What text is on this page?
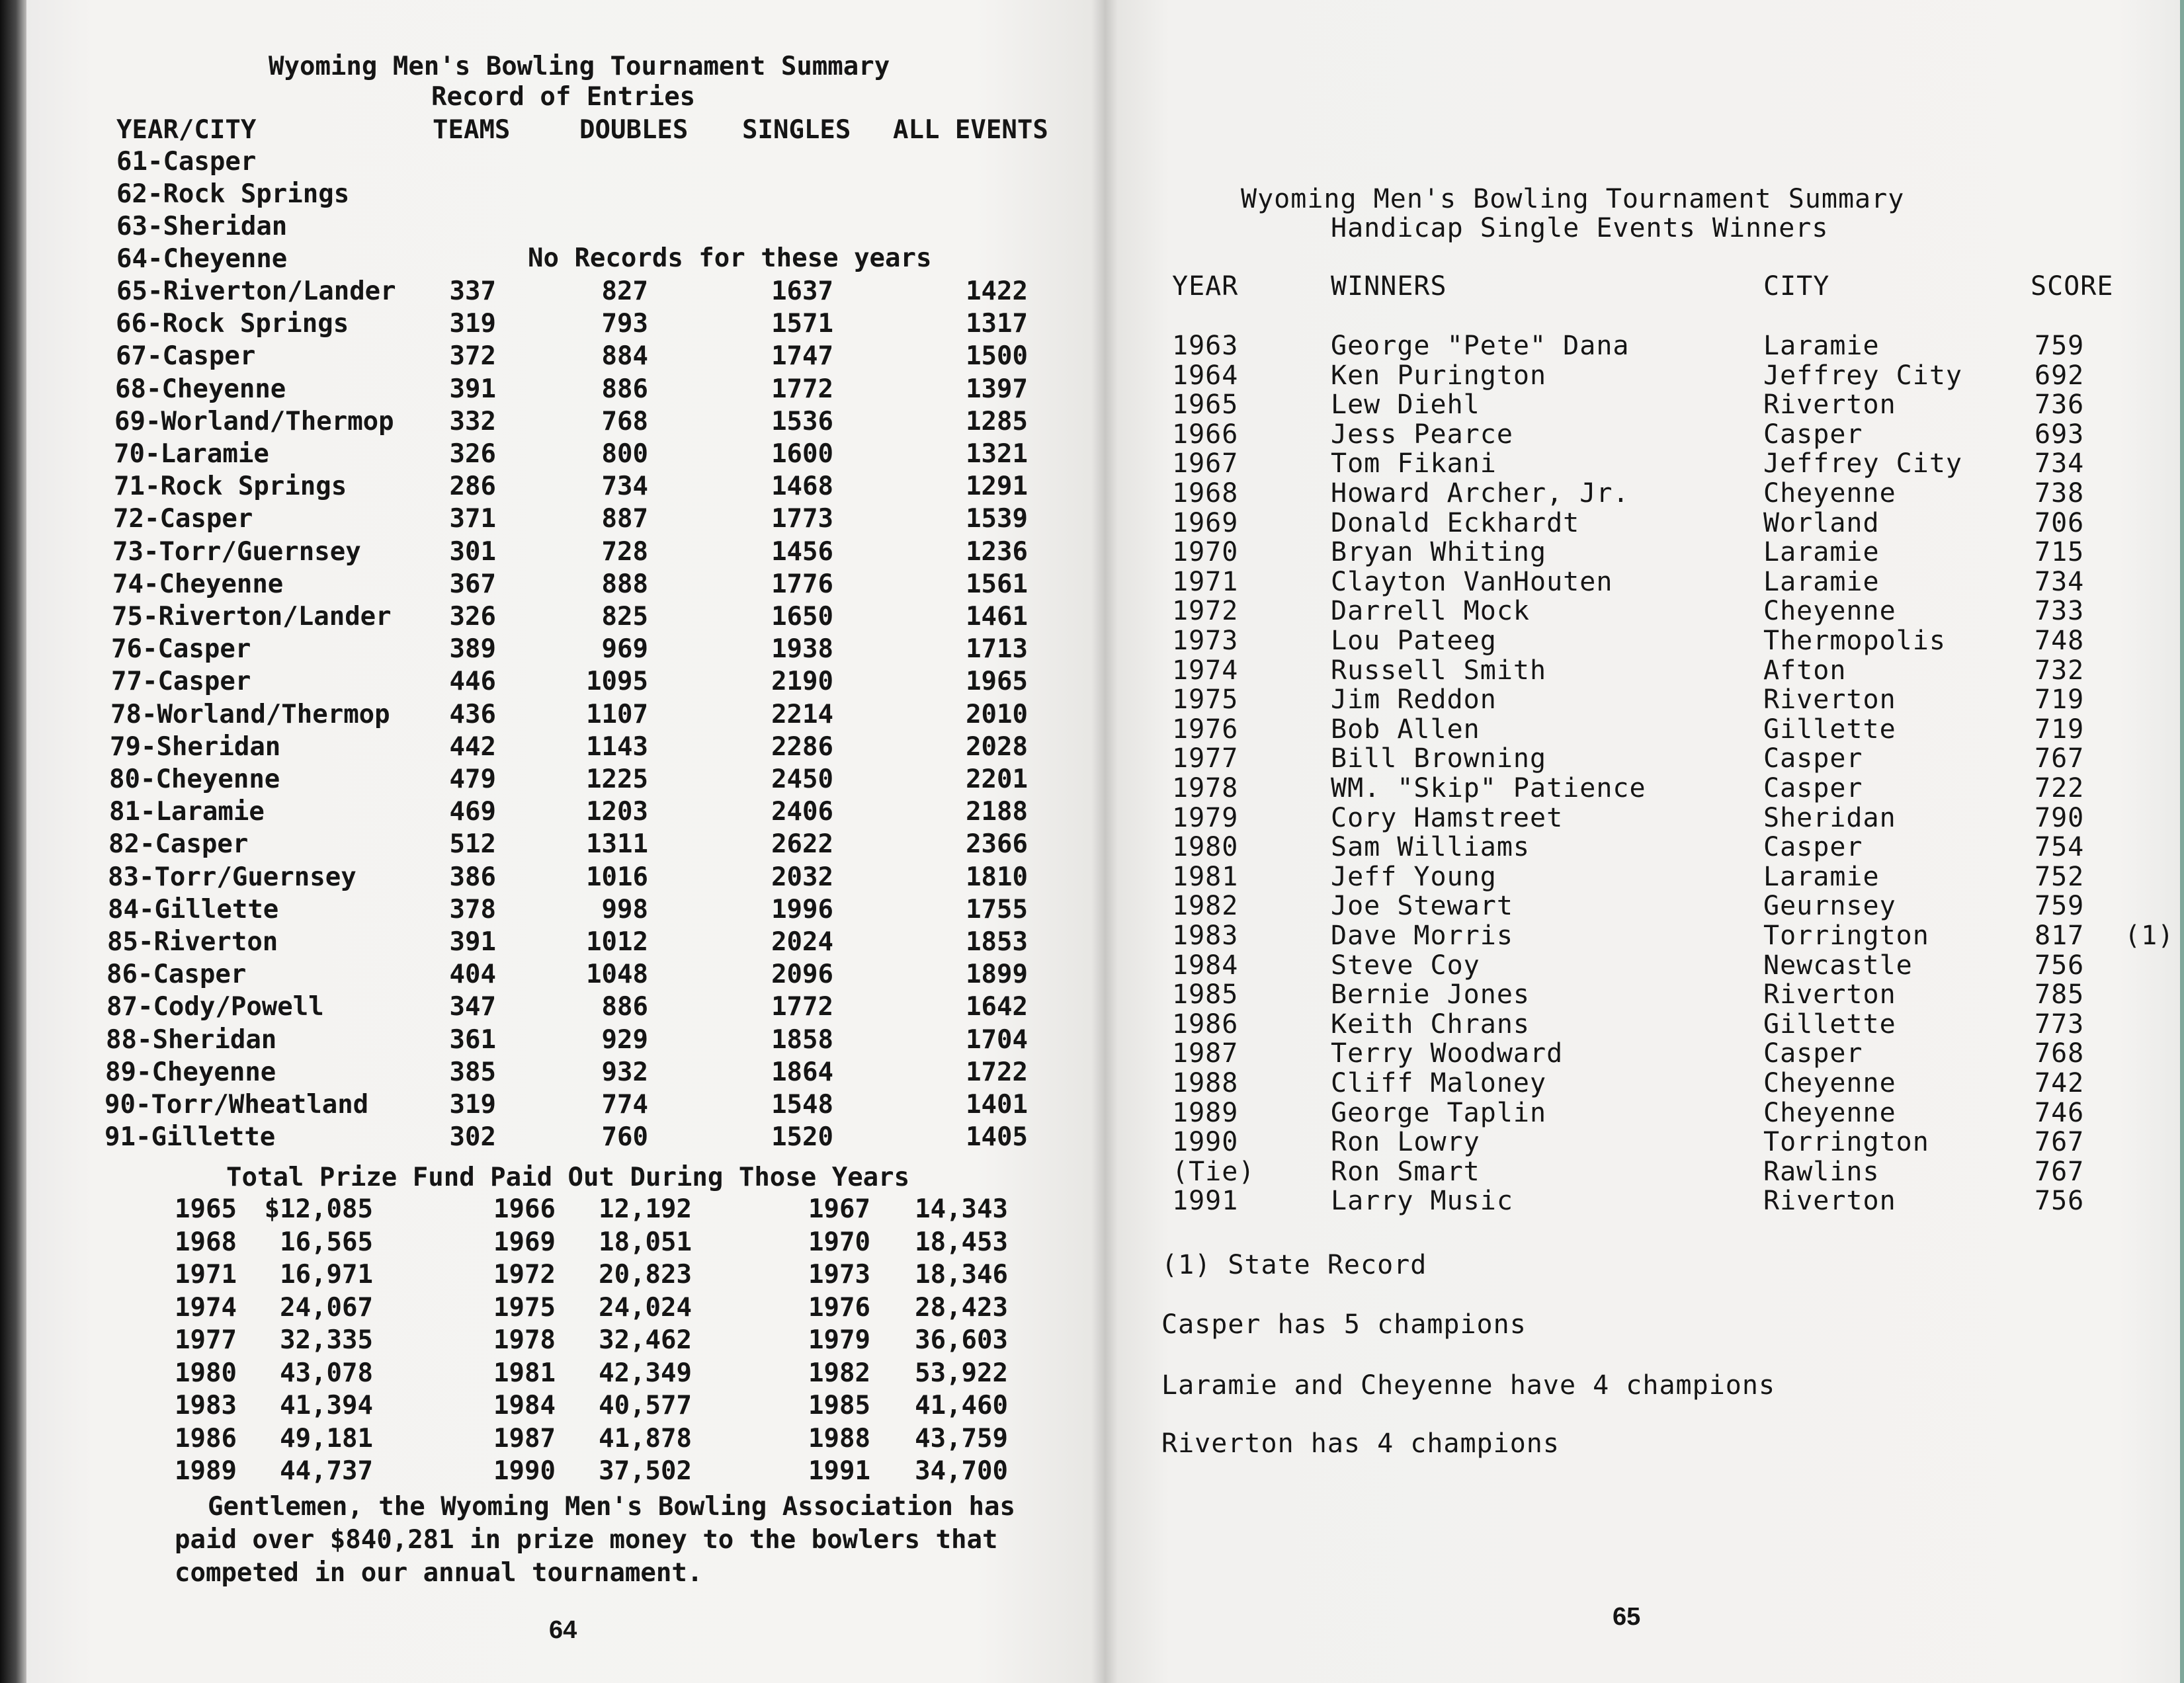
Wyoming Men's Bowling Tournament Summary
Record of Entries
YEAR/CITY	TEAMS	DOUBLES SINGLES ALL EVENTS
61-Casper
62-Rock Springs
63-Sheridan
64-Cheyenne	No Records for these years
65-Riverton/Lander 337	827	1637	1422
66-Rock Springs	319	793	1571	1317
67-Casper	372	884	1747	1500
68-Cheyenne	391	886	1772	1397
69-Worland/Thermop 332	768	1536	1285
70-Laramie	326	800	1600	1321
71-Rock Springs	286	734	1468	1291
72-Casper	371	887	1773	1539
73-Torr/Guernsey	301	728	1456	1236
74-Cheyenne	367	888	1776	1561
75-Riverton/Lander 326	825	1650	1461
76-Casper	389	969	1938	1713
77-Casper	446	1095	2190	1965
78-Worland/Thermop 436	1107	2214	2010
79-Sheridan	442	1143	2286	2028
80-Cheyenne	479	1225	2450	2201
81-Laramie	469	1203	2406	2188
82-Casper	512	1311	2622	2366
83-Torr/Guernsey	386	1016	2032	1810
84-Gillette	378	998	1996	1755
85-Riverton	391	1012	2024	1853
86-Casper	404	1048	2096	1899
87-Cody/Powell	347	886	1772	1642
88-Sheridan	361	929	1858	1704
89-Cheyenne	385	932	1864	1722
90-Torr/Wheatland	319	774	1548	1401
91-Gillette	302	760	1520	1405
Total Prize Fund Paid Out During Those Years
1965 $12,085	1966 12,192	1967 14,343
1968 16,565	1969 18,051	1970 18,453
1971 16,971	1972 20,823	1973 18,346
1974 24,067	1975 24,024	1976 28,423
1977 32,335	1978 32,462	1979 36,603
1980 43,078	1981 42,349	1982 53,922
1983 41,394	1984 40,577	1985 41,460
1986 49,181	1987 41,878	1988 43,759
1989 44,737	1990 37,502	1991 34,700
Gentlemen, the Wyoming Men's Bowling Association has
paid over $840,281 in prize money to the bowlers that
competed in our annual tournament.
64
Wyoming Men's Bowling Tournament Summary
Handicap Single Events Winners
YEAR	WINNERS	CITY	SCORE
1963	George "Pete" Dana	Laramie	759
1964	Ken Purington	Jeffrey City	692
1965	Lew Diehl	Riverton	736
1966	Jess Pearce	Casper	693
1967	Tom Fikani	Jeffrey City	734
1968	Howard Archer, Jr.	Cheyenne	738
1969	Donald Eckhardt	Worland	706
1970	Bryan Whiting	Laramie	715
1971	Clayton VanHouten	Laramie	734
1972	Darrell Mock	Cheyenne	733
1973	Lou Pateeg	Thermopolis	748
1974	Russell Smith	Afton	732
1975	Jim Reddon	Riverton	719
1976	Bob Allen	Gillette	719
1977	Bill Browning	Casper	767
1978	WM. "Skip" Patience	Casper	722
1979	Cory Hamstreet	Sheridan	790
1980	Sam Williams	Casper	754
1981	Jeff Young	Laramie	752
1982	Joe Stewart	Geurnsey	759
1983	Dave Morris	Torrington	817 (1)
1984	Steve Coy	Newcastle	756
1985	Bernie Jones	Riverton	785
1986	Keith Chrans	Gillette	773
1987	Terry Woodward	Casper	768
1988	Cliff Maloney	Cheyenne	742
1989	George Taplin	Cheyenne	746
1990	Ron Lowry	Torrington	767
(Tie)	Ron Smart	Rawlins	767
1991	Larry Music	Riverton	756
(1) State Record
Casper has 5 champions
Laramie and Cheyenne have 4 champions
Riverton has 4 champions
65
